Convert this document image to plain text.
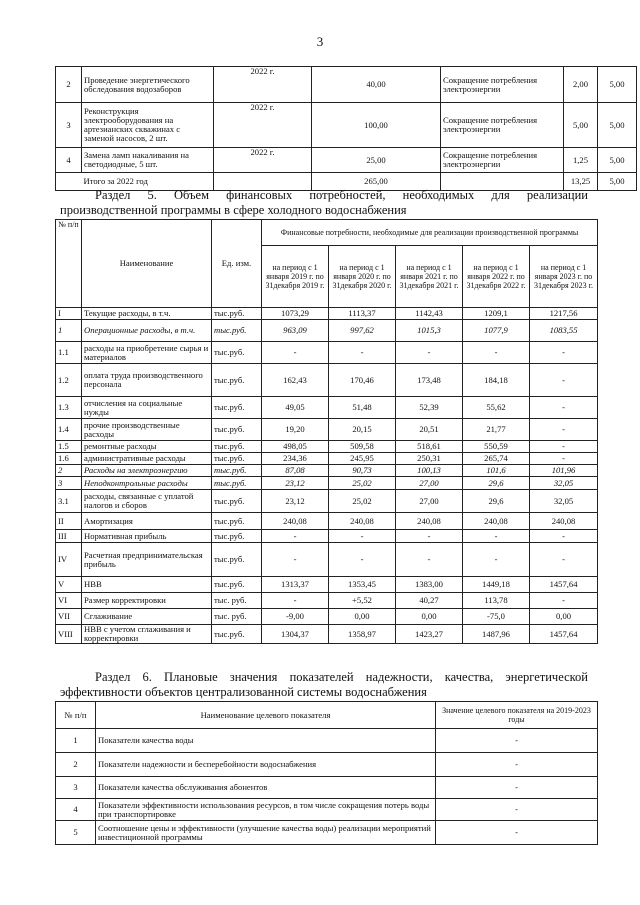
3
2	Проведение энергетического обследования водозаборов	2022 г.	40,00	Сокращение потребления электроэнергии	2,00	5,00
3	Реконструкция электрооборудования на артезианских скважинах с заменой насосов, 2 шт.	2022 г.	100,00	Сокращение потребления электроэнергии	5,00	5,00
4	Замена ламп накаливания на светодиодные, 5 шт.	2022 г.	25,00	Сокращение потребления электроэнергии	1,25	5,00
	Итого за 2022 год		265,00		13,25	5,00
Раздел 5. Объем финансовых потребностей, необходимых для реализации производственной программы в сфере холодного водоснабжения
№ п/п	Наименование	Ед. изм.	Финансовые потребности, необходимые для реализации производственной программы				
			на период с 1 января 2019 г. по 31декабря 2019 г.	на период с 1 января 2020 г. по 31декабря 2020 г.	на период с 1 января 2021 г. по 31декабря 2021 г.	на период с 1 января 2022 г. по 31декабря 2022 г.	на период с 1 января 2023 г. по 31декабря 2023 г.
I	Текущие расходы, в т.ч.	тыс.руб.	1073,29	1113,37	1142,43	1209,1	1217,56
1	Операционные расходы, в т.ч.	тыс.руб.	963,09	997,62	1015,3	1077,9	1083,55
1.1	расходы на приобретение сырья и материалов	тыс.руб.	-	-	-	-	-
1.2	оплата труда производственного персонала	тыс.руб.	162,43	170,46	173,48	184,18	-
1.3	отчисления на социальные нужды	тыс.руб.	49,05	51,48	52,39	55,62	-
1.4	прочие производственные расходы	тыс.руб.	19,20	20,15	20,51	21,77	-
1.5	ремонтные расходы	тыс.руб.	498,05	509,58	518,61	550,59	-
1.6	административные расходы	тыс.руб.	234,36	245,95	250,31	265,74	-
2	Расходы на электроэнергию	тыс.руб.	87,08	90,73	100,13	101,6	101,96
3	Неподконтрольные расходы	тыс.руб.	23,12	25,02	27,00	29,6	32,05
3.1	расходы, связанные с уплатой налогов и сборов	тыс.руб.	23,12	25,02	27,00	29,6	32,05
II	Амортизация	тыс.руб.	240,08	240,08	240,08	240,08	240,08
III	Нормативная прибыль	тыс.руб.	-	-	-	-	-
IV	Расчетная предпринимательская прибыль	тыс.руб.	-	-	-	-	-
V	НВВ	тыс.руб.	1313,37	1353,45	1383,00	1449,18	1457,64
VI	Размер корректировки	тыс. руб.	-	+5,52	40,27	113,78	-
VII	Сглаживание	тыс. руб.	-9,00	0,00	0,00	-75,0	0,00
VIII	НВВ с учетом сглаживания и корректировки	тыс.руб.	1304,37	1358,97	1423,27	1487,96	1457,64
Раздел 6. Плановые значения показателей надежности, качества, энергетической эффективности объектов централизованной системы водоснабжения
№ п/п	Наименование целевого показателя	Значение целевого показателя на 2019-2023 годы
1	Показатели качества воды	-
2	Показатели надежности и бесперебойности водоснабжения	-
3	Показатели качества обслуживания абонентов	-
4	Показатели эффективности использования ресурсов, в том числе сокращения потерь воды при транспортировке	-
5	Соотношение цены и эффективности (улучшение качества воды) реализации мероприятий инвестиционной программы	-
